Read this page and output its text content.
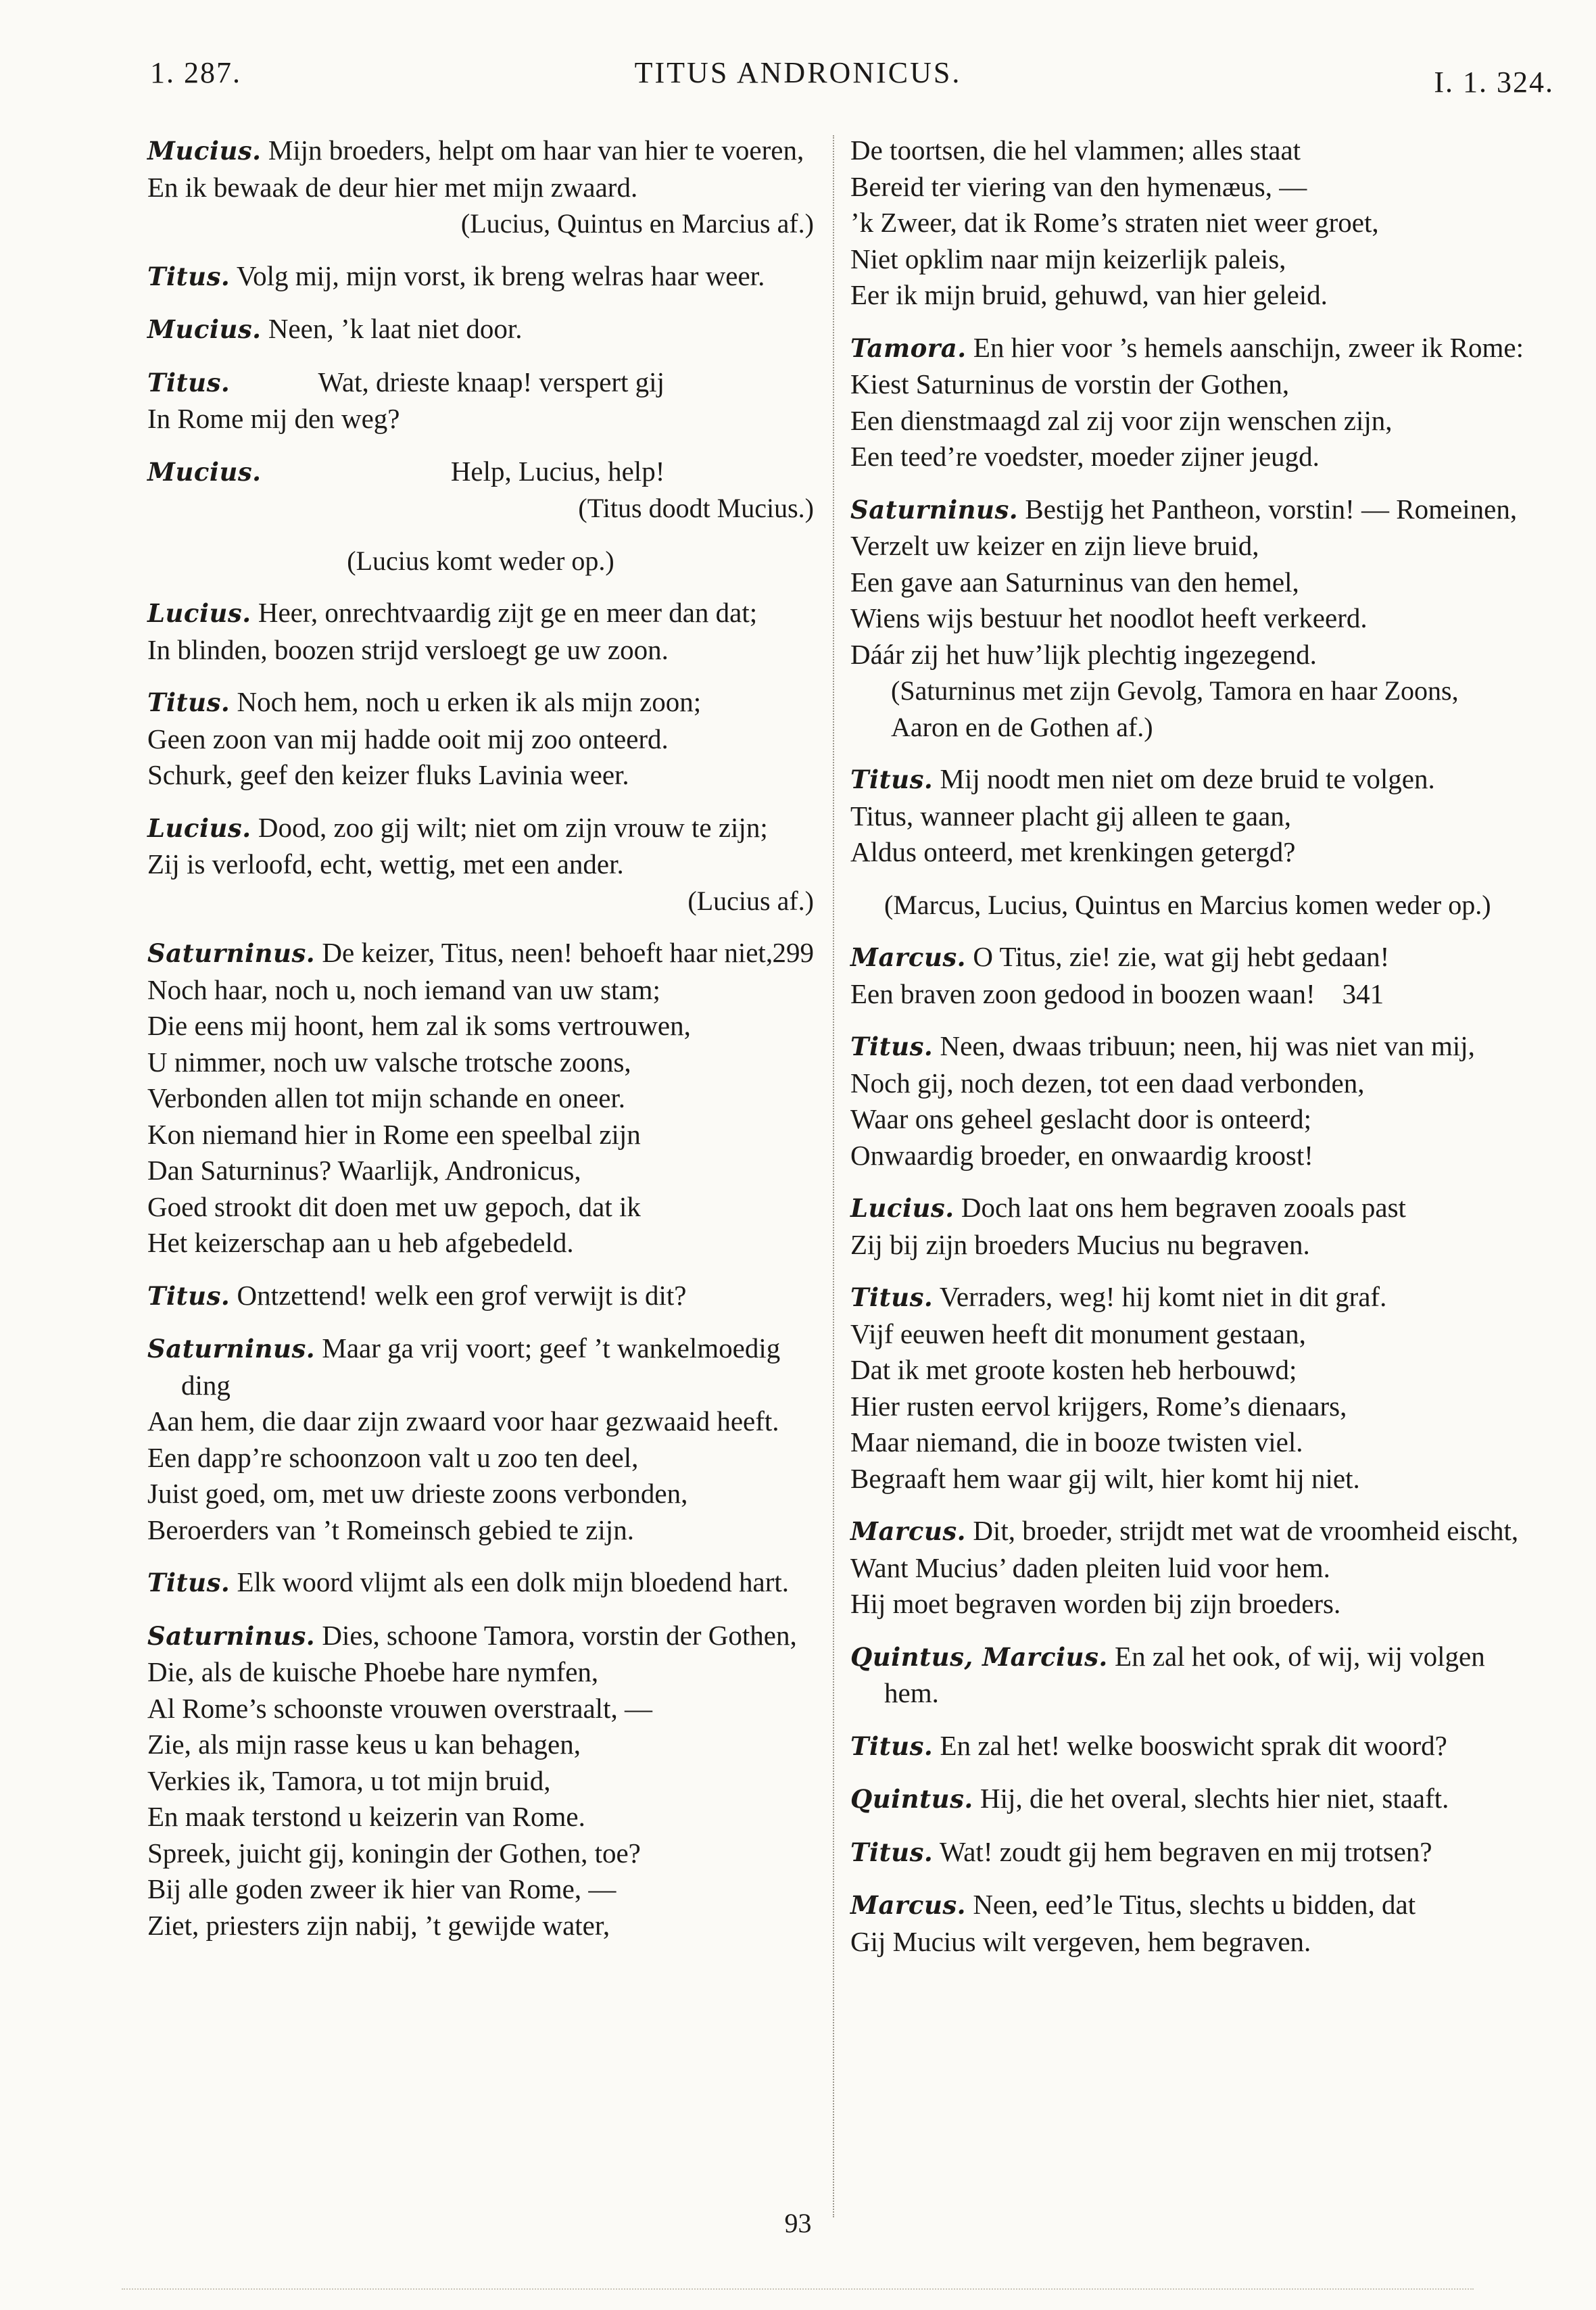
1. 287.	TITUS ANDRONICUS.	I. 1. 324.
Mucius. Mijn broeders, helpt om haar van hier te voeren,
En ik bewaak de deur hier met mijn zwaard.
(Lucius, Quintus en Marcius af.)
Titus. Volg mij, mijn vorst, ik breng welras haar weer.
Mucius. Neen, ’k laat niet door.
Titus.	Wat, drieste knaap! verspert gij
In Rome mij den weg?
Mucius.	Help, Lucius, help!
(Titus doodt Mucius.)
(Lucius komt weder op.)
Lucius. Heer, onrechtvaardig zijt ge en meer dan dat;
In blinden, boozen strijd versloegt ge uw zoon.
Titus. Noch hem, noch u erken ik als mijn zoon;
Geen zoon van mij hadde ooit mij zoo onteerd.
Schurk, geef den keizer fluks Lavinia weer.
Lucius. Dood, zoo gij wilt; niet om zijn vrouw te zijn;
Zij is verloofd, echt, wettig, met een ander.
(Lucius af.)
Saturninus. De keizer, Titus, neen! behoeft haar niet, 299
Noch haar, noch u, noch iemand van uw stam;
Die eens mij hoont, hem zal ik soms vertrouwen,
U nimmer, noch uw valsche trotsche zoons,
Verbonden allen tot mijn schande en oneer.
Kon niemand hier in Rome een speelbal zijn
Dan Saturninus? Waarlijk, Andronicus,
Goed strookt dit doen met uw gepoch, dat ik
Het keizerschap aan u heb afgebedeld.
Titus. Ontzettend! welk een grof verwijt is dit?
Saturninus. Maar ga vrij voort; geef ’t wankelmoedig ding
Aan hem, die daar zijn zwaard voor haar gezwaaid heeft.
Een dapp’re schoonzoon valt u zoo ten deel,
Juist goed, om, met uw drieste zoons verbonden,
Beroerders van ’t Romeinsch gebied te zijn.
Titus. Elk woord vlijmt als een dolk mijn bloedend hart.
Saturninus. Dies, schoone Tamora, vorstin der Gothen,
Die, als de kuische Phoebe hare nymfen,
Al Rome’s schoonste vrouwen overstraalt, —
Zie, als mijn rasse keus u kan behagen,
Verkies ik, Tamora, u tot mijn bruid,
En maak terstond u keizerin van Rome.
Spreek, juicht gij, koningin der Gothen, toe?
Bij alle goden zweer ik hier van Rome, —
Ziet, priesters zijn nabij, ’t gewijde water,
De toortsen, die hel vlammen; alles staat
Bereid ter viering van den hymenæus, —
’k Zweer, dat ik Rome’s straten niet weer groet,
Niet opklim naar mijn keizerlijk paleis,
Eer ik mijn bruid, gehuwd, van hier geleid.
Tamora. En hier voor ’s hemels aanschijn, zweer ik Rome:
Kiest Saturninus de vorstin der Gothen,
Een dienstmaagd zal zij voor zijn wenschen zijn,
Een teed’re voedster, moeder zijner jeugd.
Saturninus. Bestijg het Pantheon, vorstin! — Romeinen,
Verzelt uw keizer en zijn lieve bruid,
Een gave aan Saturninus van den hemel,
Wiens wijs bestuur het noodlot heeft verkeerd.
Dáár zij het huw’lijk plechtig ingezegend.
(Saturninus met zijn Gevolg, Tamora en haar Zoons, Aaron en de Gothen af.)
Titus. Mij noodt men niet om deze bruid te volgen.
Titus, wanneer placht gij alleen te gaan,
Aldus onteerd, met krenkingen getergd?
(Marcus, Lucius, Quintus en Marcius komen weder op.)
Marcus. O Titus, zie! zie, wat gij hebt gedaan!
Een braven zoon gedood in boozen waan! 341
Titus. Neen, dwaas tribuun; neen, hij was niet van mij,
Noch gij, noch dezen, tot een daad verbonden,
Waar ons geheel geslacht door is onteerd;
Onwaardig broeder, en onwaardig kroost!
Lucius. Doch laat ons hem begraven zooals past
Zij bij zijn broeders Mucius nu begraven.
Titus. Verraders, weg! hij komt niet in dit graf.
Vijf eeuwen heeft dit monument gestaan,
Dat ik met groote kosten heb herbouwd;
Hier rusten eervol krijgers, Rome’s dienaars,
Maar niemand, die in booze twisten viel.
Begraaft hem waar gij wilt, hier komt hij niet.
Marcus. Dit, broeder, strijdt met wat de vroomheid eischt,
Want Mucius’ daden pleiten luid voor hem.
Hij moet begraven worden bij zijn broeders.
Quintus, Marcius. En zal het ook, of wij, wij volgen hem.
Titus. En zal het! welke booswicht sprak dit woord?
Quintus. Hij, die het overal, slechts hier niet, staaft.
Titus. Wat! zoudt gij hem begraven en mij trotsen?
Marcus. Neen, eed’le Titus, slechts u bidden, dat
Gij Mucius wilt vergeven, hem begraven.
93
